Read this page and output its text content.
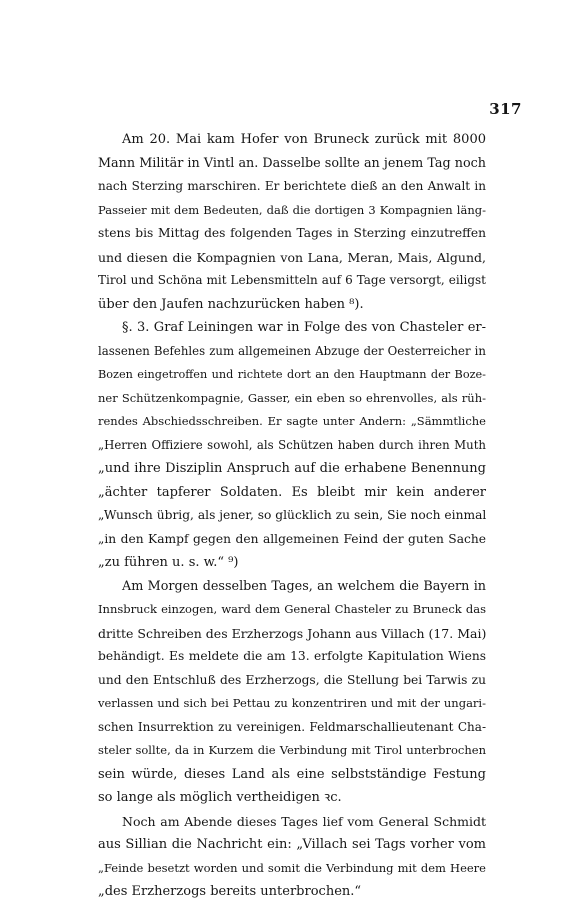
317
Am 20. Mai kam Hofer von Bruneck zurück mit 8000
Mann Militär in Vintl an. Dasselbe sollte an jenem Tag noch
nach Sterzing marschiren. Er berichtete dieß an den Anwalt in
Passeier mit dem Bedeuten, daß die dortigen 3 Kompagnien läng-
stens bis Mittag des folgenden Tages in Sterzing einzutreffen
und diesen die Kompagnien von Lana, Meran, Mais, Algund,
Tirol und Schöna mit Lebensmitteln auf 6 Tage versorgt, eiligst
über den Jaufen nachzurücken haben ⁸).
§. 3. Graf Leiningen war in Folge des von Chasteler er-
lassenen Befehles zum allgemeinen Abzuge der Oesterreicher in
Bozen eingetroffen und richtete dort an den Hauptmann der Boze-
ner Schützenkompagnie, Gasser, ein eben so ehrenvolles, als rüh-
rendes Abschiedsschreiben. Er sagte unter Andern: „Sämmtliche
„Herren Offiziere sowohl, als Schützen haben durch ihren Muth
„und ihre Disziplin Anspruch auf die erhabene Benennung
„ächter tapferer Soldaten. Es bleibt mir kein anderer
„Wunsch übrig, als jener, so glücklich zu sein, Sie noch einmal
„in den Kampf gegen den allgemeinen Feind der guten Sache
„zu führen u. s. w.“ ⁹)
Am Morgen desselben Tages, an welchem die Bayern in
Innsbruck einzogen, ward dem General Chasteler zu Bruneck das
dritte Schreiben des Erzherzogs Johann aus Villach (17. Mai)
behändigt. Es meldete die am 13. erfolgte Kapitulation Wiens
und den Entschluß des Erzherzogs, die Stellung bei Tarwis zu
verlassen und sich bei Pettau zu konzentriren und mit der ungari-
schen Insurrektion zu vereinigen. Feldmarschallieutenant Cha-
steler sollte, da in Kurzem die Verbindung mit Tirol unterbrochen
sein würde, dieses Land als eine selbstständige Festung
so lange als möglich vertheidigen ꝛc.
Noch am Abende dieses Tages lief vom General Schmidt
aus Sillian die Nachricht ein: „Villach sei Tags vorher vom
„Feinde besetzt worden und somit die Verbindung mit dem Heere
„des Erzherzogs bereits unterbrochen.“
